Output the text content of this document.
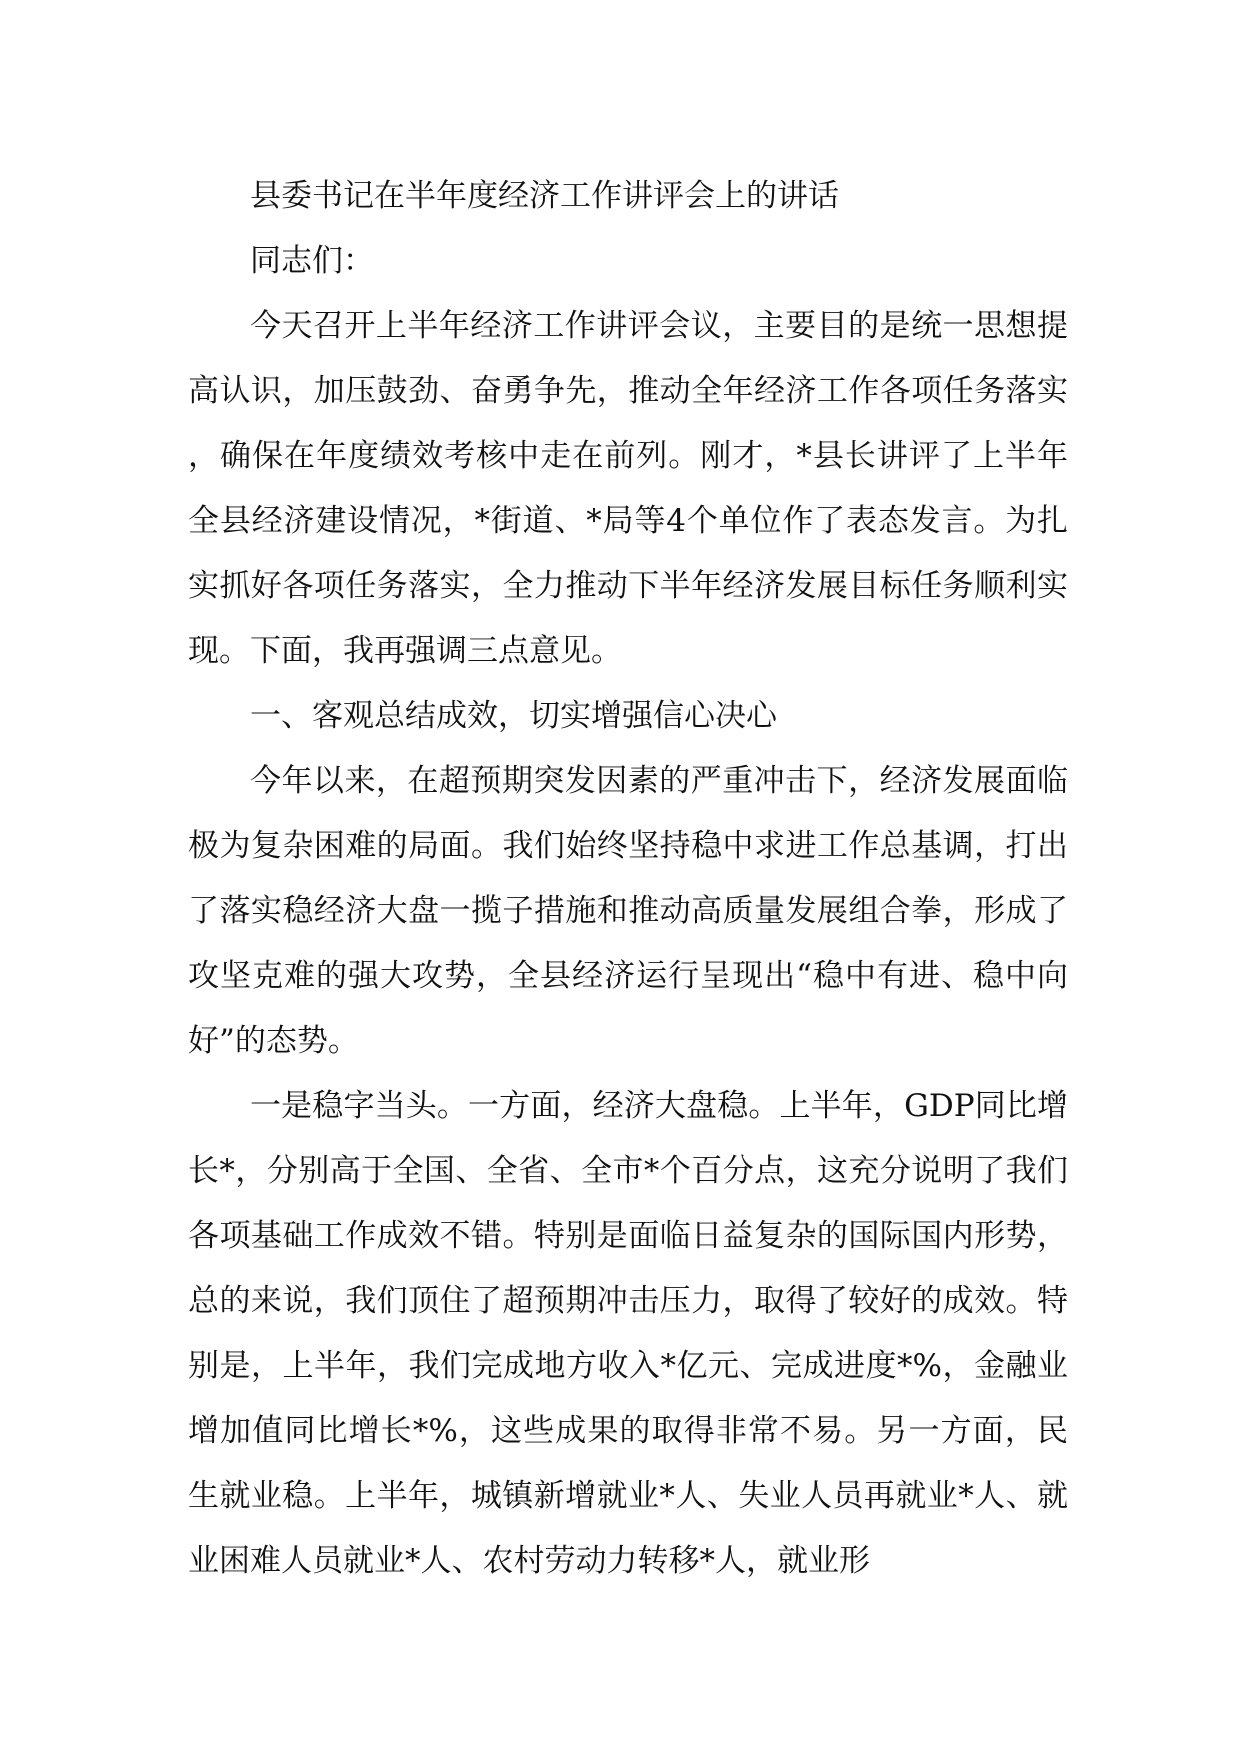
县委书记在半年度经济工作讲评会上的讲话

同志们：

今天召开上半年经济工作讲评会议，主要目的是统一思想提高认识，加压鼓劲、奋勇争先，推动全年经济工作各项任务落实，确保在年度绩效考核中走在前列。刚才，*县长讲评了上半年全县经济建设情况，*街道、*局等4个单位作了表态发言。为扎实抓好各项任务落实，全力推动下半年经济发展目标任务顺利实现。下面，我再强调三点意见。

一、客观总结成效，切实增强信心决心

今年以来，在超预期突发因素的严重冲击下，经济发展面临极为复杂困难的局面。我们始终坚持稳中求进工作总基调，打出了落实稳经济大盘一揽子措施和推动高质量发展组合拳，形成了攻坚克难的强大攻势，全县经济运行呈现出“稳中有进、稳中向好”的态势。

一是稳字当头。一方面，经济大盘稳。上半年，GDP同比增长*，分别高于全国、全省、全市*个百分点，这充分说明了我们各项基础工作成效不错。特别是面临日益复杂的国际国内形势，总的来说，我们顶住了超预期冲击压力，取得了较好的成效。特别是，上半年，我们完成地方收入*亿元、完成进度*%，金融业增加值同比增长*%，这些成果的取得非常不易。另一方面，民生就业稳。上半年，城镇新增就业*人、失业人员再就业*人、就业困难人员就业*人、农村劳动力转移*人，就业形
